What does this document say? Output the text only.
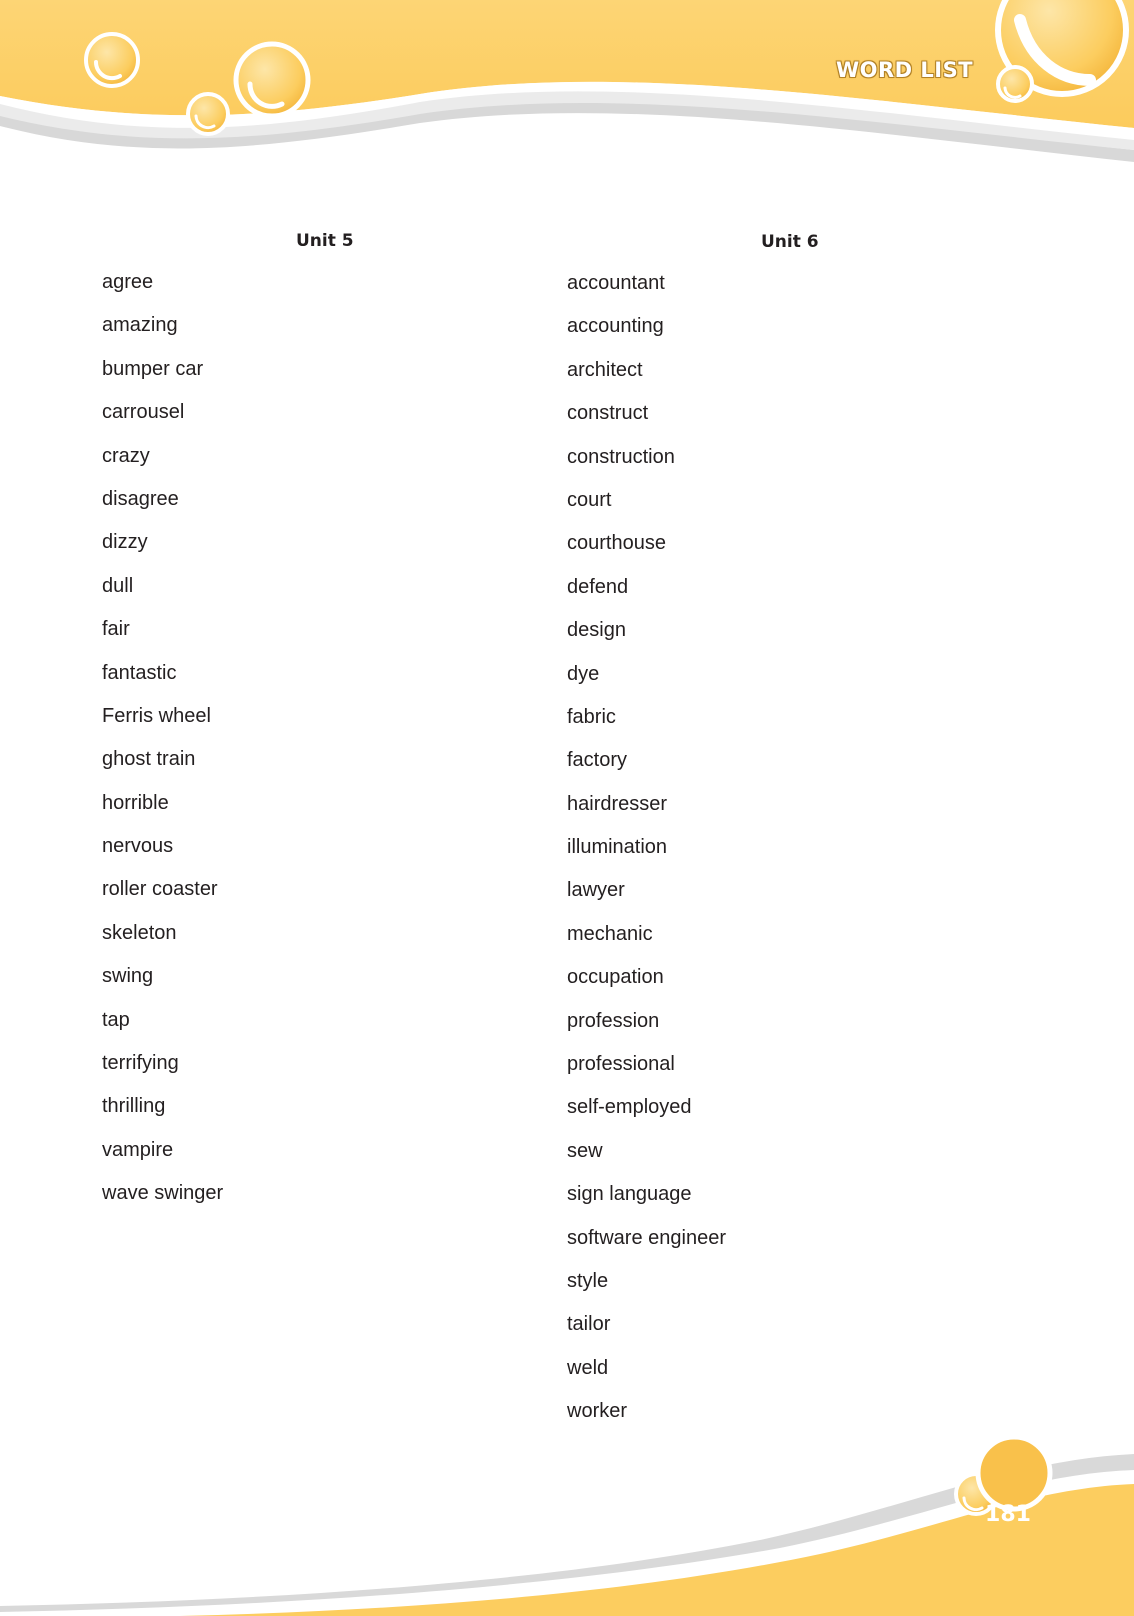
WORD LIST
Unit 5
agree
amazing
bumper car
carrousel
crazy
disagree
dizzy
dull
fair
fantastic
Ferris wheel
ghost train
horrible
nervous
roller coaster
skeleton
swing
tap
terrifying
thrilling
vampire
wave swinger
Unit 6
accountant
accounting
architect
construct
construction
court
courthouse
defend
design
dye
fabric
factory
hairdresser
illumination
lawyer
mechanic
occupation
profession
professional
self-employed
sew
sign language
software engineer
style
tailor
weld
worker
181
